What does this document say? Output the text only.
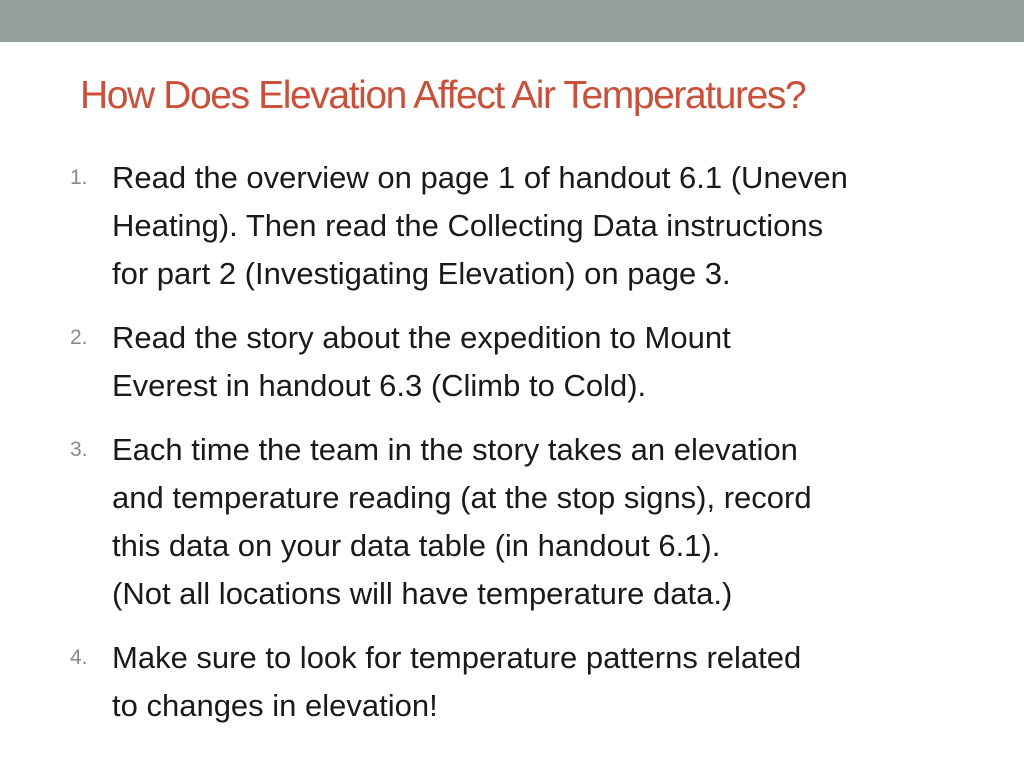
How Does Elevation Affect Air Temperatures?
1. Read the overview on page 1 of handout 6.1 (Uneven
Heating). Then read the Collecting Data instructions
for part 2 (Investigating Elevation) on page 3.
2. Read the story about the expedition to Mount
Everest in handout 6.3 (Climb to Cold).
3. Each time the team in the story takes an elevation
and temperature reading (at the stop signs), record
this data on your data table (in handout 6.1).
(Not all locations will have temperature data.)
4. Make sure to look for temperature patterns related
to changes in elevation!
